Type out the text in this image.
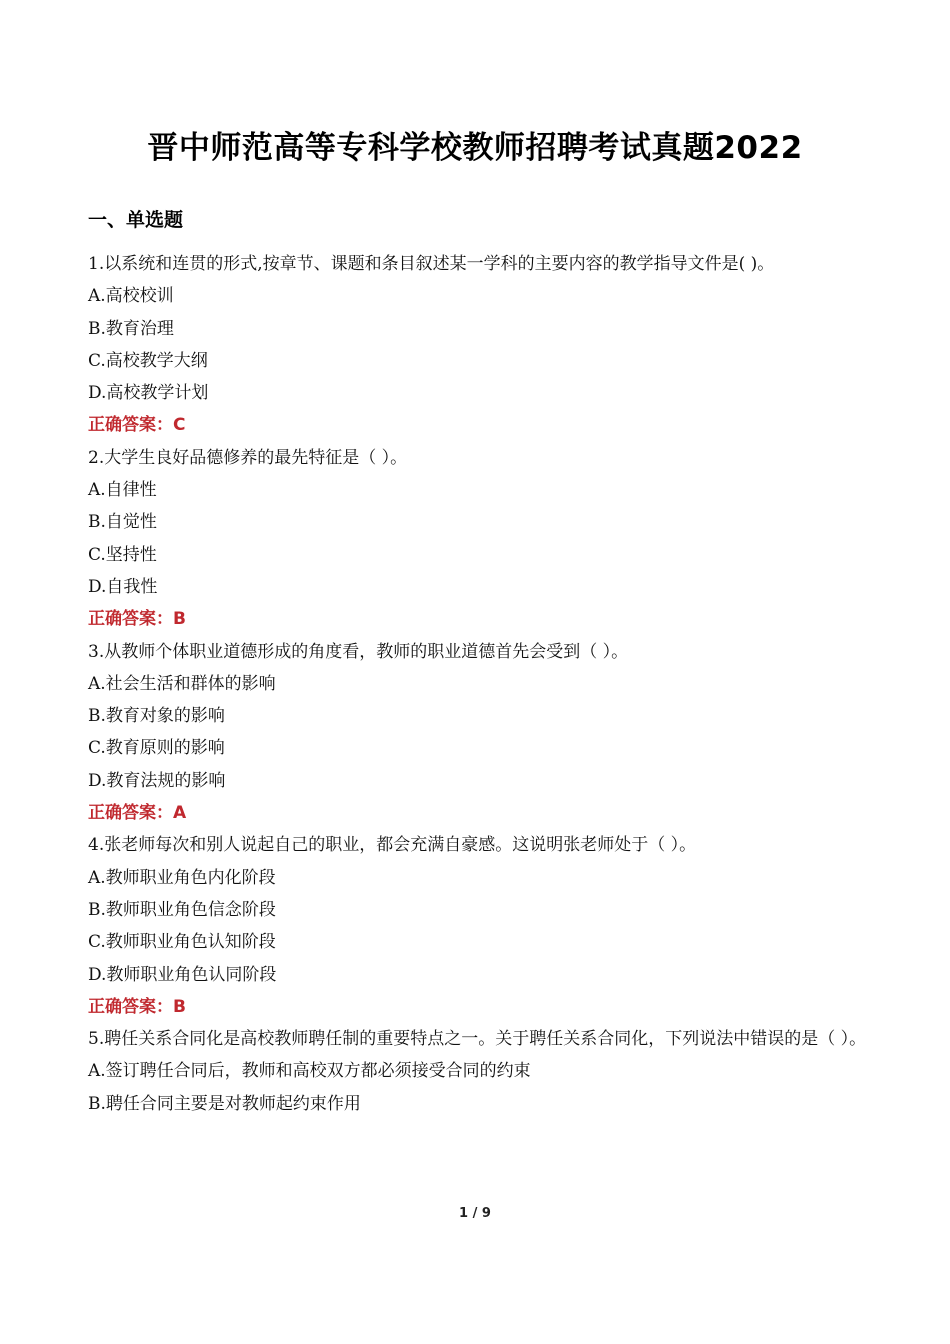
晋中师范高等专科学校教师招聘考试真题2022
一、单选题
1.以系统和连贯的形式,按章节、课题和条目叙述某一学科的主要内容的教学指导文件是( )。
A.高校校训
B.教育治理
C.高校教学大纲
D.高校教学计划
正确答案：C
2.大学生良好品德修养的最先特征是（ ）。
A.自律性
B.自觉性
C.坚持性
D.自我性
正确答案：B
3.从教师个体职业道德形成的角度看，教师的职业道德首先会受到（ ）。
A.社会生活和群体的影响
B.教育对象的影响
C.教育原则的影响
D.教育法规的影响
正确答案：A
4.张老师每次和别人说起自己的职业，都会充满自豪感。这说明张老师处于（ ）。
A.教师职业角色内化阶段
B.教师职业角色信念阶段
C.教师职业角色认知阶段
D.教师职业角色认同阶段
正确答案：B
5.聘任关系合同化是高校教师聘任制的重要特点之一。关于聘任关系合同化，下列说法中错误的是（ ）。
A.签订聘任合同后，教师和高校双方都必须接受合同的约束
B.聘任合同主要是对教师起约束作用
1 / 9
